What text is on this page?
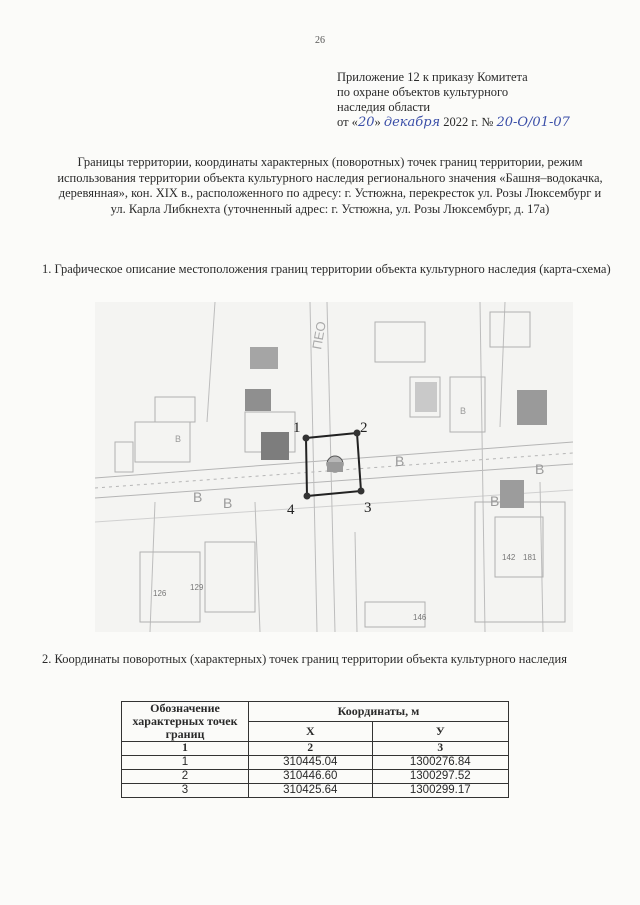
26
Приложение 12 к приказу Комитета
по охране объектов культурного
наследия области
от «20» декабря 2022 г. № 20-О/01-07
Границы территории, координаты характерных (поворотных) точек границ территории, режим использования территории объекта культурного наследия регионального значения «Башня–водокачка, деревянная», кон. XIX в., расположенного по адресу: г. Устюжна, перекресток ул. Розы Люксембург и ул. Карла Либкнехта (уточненный адрес: г. Устюжна, ул. Розы Люксембург, д. 17а)
1. Графическое описание местоположения границ территории объекта культурного наследия (карта-схема)
1	2
3
4
В В
В
В
В
В
В
ПЕО
142 181
129
126
146
2. Координаты поворотных (характерных) точек границ территории объекта культурного наследия
Обозначение характерных точек границ	Координаты, м	
	X	У
1	2	3
1	310445.04	1300276.84
2	310446.60	1300297.52
3	310425.64	1300299.17
